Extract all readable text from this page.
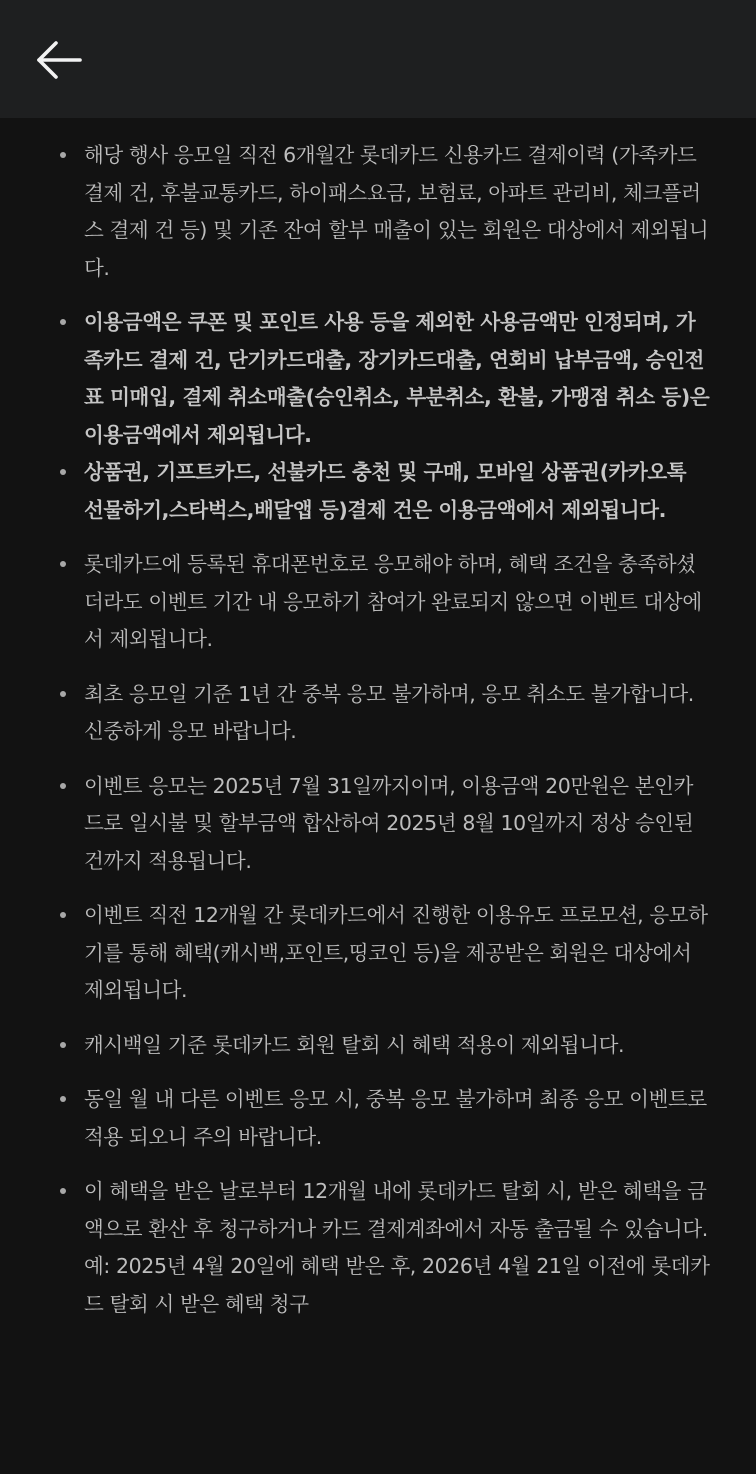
해당 행사 응모일 직전 6개월간 롯데카드 신용카드 결제이력 (가족카드 결제 건, 후불교통카드, 하이패스요금, 보험료, 아파트 관리비, 체크플러스 결제 건 등) 및 기존 잔여 할부 매출이 있는 회원은 대상에서 제외됩니다.
이용금액은 쿠폰 및 포인트 사용 등을 제외한 사용금액만 인정되며, 가족카드 결제 건, 단기카드대출, 장기카드대출, 연회비 납부금액, 승인전표 미매입, 결제 취소매출(승인취소, 부분취소, 환불, 가맹점 취소 등)은 이용금액에서 제외됩니다.
상품권, 기프트카드, 선불카드 충천 및 구매, 모바일 상품권(카카오톡 선물하기,스타벅스,배달앱 등)결제 건은 이용금액에서 제외됩니다.
롯데카드에 등록된 휴대폰번호로 응모해야 하며, 혜택 조건을 충족하셨더라도 이벤트 기간 내 응모하기 참여가 완료되지 않으면 이벤트 대상에서 제외됩니다.
최초 응모일 기준 1년 간 중복 응모 불가하며, 응모 취소도 불가합니다. 신중하게 응모 바랍니다.
이벤트 응모는 2025년 7월 31일까지이며, 이용금액 20만원은 본인카드로 일시불 및 할부금액 합산하여 2025년 8월 10일까지 정상 승인된 건까지 적용됩니다.
이벤트 직전 12개월 간 롯데카드에서 진행한 이용유도 프로모션, 응모하기를 통해 혜택(캐시백,포인트,띵코인 등)을 제공받은 회원은 대상에서 제외됩니다.
캐시백일 기준 롯데카드 회원 탈회 시 혜택 적용이 제외됩니다.
동일 월 내 다른 이벤트 응모 시, 중복 응모 불가하며 최종 응모 이벤트로 적용 되오니 주의 바랍니다.
이 혜택을 받은 날로부터 12개월 내에 롯데카드 탈회 시, 받은 혜택을 금액으로 환산 후 청구하거나 카드 결제계좌에서 자동 출금될 수 있습니다.
예: 2025년 4월 20일에 혜택 받은 후, 2026년 4월 21일 이전에 롯데카드 탈회 시 받은 혜택 청구
